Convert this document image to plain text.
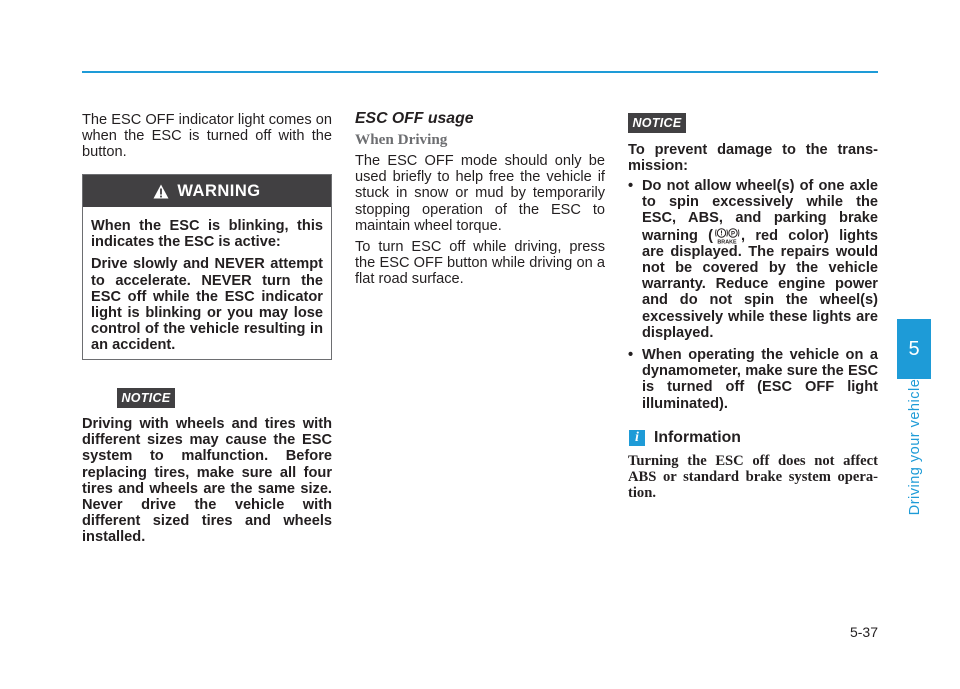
The ESC OFF indicator light comes on when the ESC is turned off with the button.

WARNING

When the ESC is blinking, this indicates the ESC is active:

Drive slowly and NEVER attempt to accelerate. NEVER turn the ESC off while the ESC indicator light is blinking or you may lose control of the vehicle resulting in an accident.

NOTICE

Driving with wheels and tires with different sizes may cause the ESC system to malfunction. Before replacing tires, make sure all four tires and wheels are the same size. Never drive the vehicle with different sized tires and wheels installed.

ESC OFF usage
When Driving

The ESC OFF mode should only be used briefly to help free the vehicle if stuck in snow or mud by temporarily stopping operation of the ESC to maintain wheel torque.

To turn ESC off while driving, press the ESC OFF button while driving on a flat road surface.

NOTICE

To prevent damage to the trans-mission:

• Do not allow wheel(s) of one axle to spin excessively while the ESC, ABS, and parking brake warning (	P
BRAKE , red color) lights are displayed. The repairs would not be covered by the vehicle warranty. Reduce engine power and do not spin the wheel(s) excessively while these lights are displayed.
• When operating the vehicle on a dynamometer, make sure the ESC is turned off (ESC OFF light illuminated).
i Information

Turning the ESC off does not affect ABS or standard brake system opera-tion.

5
Driving your vehicle
5-37
